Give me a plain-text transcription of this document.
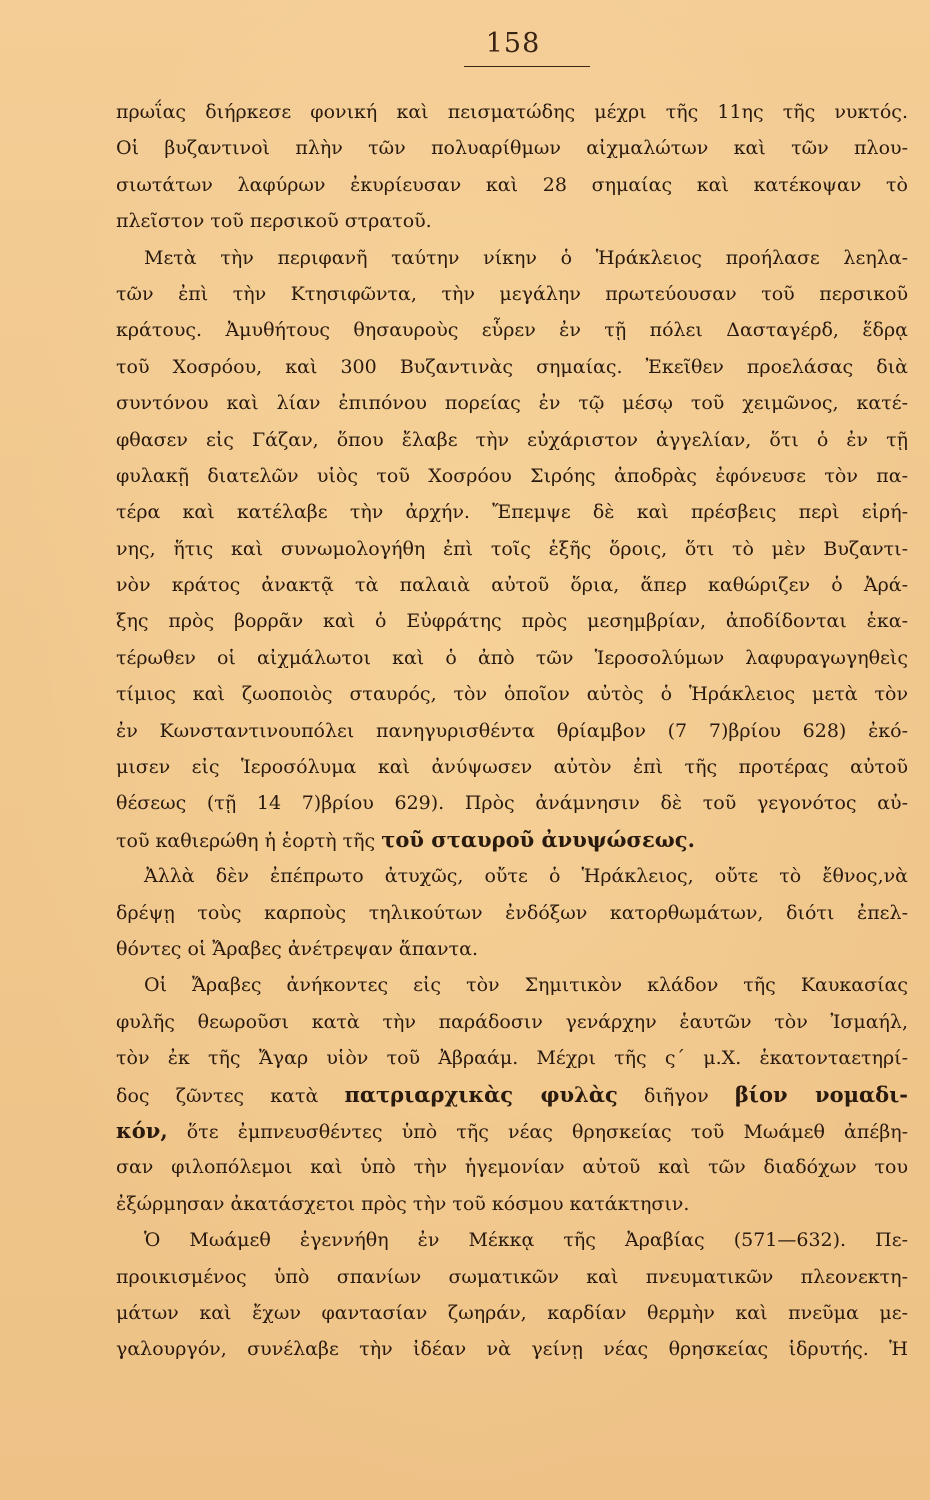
158
πρωΐας διήρκεσε φονική καὶ πεισματώδης μέχρι τῆς 11ης τῆς νυκτός.
Οἱ βυζαντινοὶ πλὴν τῶν πολυαρίθμων αἰχμαλώτων καὶ τῶν πλου-
σιωτάτων λαφύρων ἐκυρίευσαν καὶ 28 σημαίας καὶ κατέκοψαν τὸ
πλεῖστον τοῦ περσικοῦ στρατοῦ.
Μετὰ τὴν περιφανῆ ταύτην νίκην ὁ Ἡράκλειος προήλασε λεηλα-
τῶν ἐπὶ τὴν Κτησιφῶντα, τὴν μεγάλην πρωτεύουσαν τοῦ περσικοῦ
κράτους. Ἀμυθήτους θησαυροὺς εὗρεν ἐν τῇ πόλει Δασταγέρδ, ἕδρᾳ
τοῦ Χοσρόου, καὶ 300 Βυζαντινὰς σημαίας. Ἐκεῖθεν προελάσας διὰ
συντόνου καὶ λίαν ἐπιπόνου πορείας ἐν τῷ μέσῳ τοῦ χειμῶνος, κατέ-
φθασεν εἰς Γάζαν, ὅπου ἔλαβε τὴν εὐχάριστον ἀγγελίαν, ὅτι ὁ ἐν τῇ
φυλακῇ διατελῶν υἱὸς τοῦ Χοσρόου Σιρόης ἀποδρὰς ἐφόνευσε τὸν πα-
τέρα καὶ κατέλαβε τὴν ἀρχήν. Ἔπεμψε δὲ καὶ πρέσβεις περὶ εἰρή-
νης, ἥτις καὶ συνωμολογήθη ἐπὶ τοῖς ἑξῆς ὅροις, ὅτι τὸ μὲν Βυζαντι-
νὸν κράτος ἀνακτᾷ τὰ παλαιὰ αὐτοῦ ὅρια, ἅπερ καθώριζεν ὁ Ἀρά-
ξης πρὸς βορρᾶν καὶ ὁ Εὐφράτης πρὸς μεσημβρίαν, ἀποδίδονται ἑκα-
τέρωθεν οἱ αἰχμάλωτοι καὶ ὁ ἀπὸ τῶν Ἱεροσολύμων λαφυραγωγηθεὶς
τίμιος καὶ ζωοποιὸς σταυρός, τὸν ὁποῖον αὐτὸς ὁ Ἡράκλειος μετὰ τὸν
ἐν Κωνσταντινουπόλει πανηγυρισθέντα θρίαμβον (7 7)βρίου 628) ἐκό-
μισεν εἰς Ἱεροσόλυμα καὶ ἀνύψωσεν αὐτὸν ἐπὶ τῆς προτέρας αὐτοῦ
θέσεως (τῇ 14 7)βρίου 629). Πρὸς ἀνάμνησιν δὲ τοῦ γεγονότος αὐ-
τοῦ καθιερώθη ἡ ἑορτὴ τῆς τοῦ σταυροῦ ἀνυψώσεως.
Ἀλλὰ δὲν ἐπέπρωτο ἀτυχῶς, οὔτε ὁ Ἡράκλειος, οὔτε τὸ ἔθνος,νὰ
δρέψῃ τοὺς καρποὺς τηλικούτων ἐνδόξων κατορθωμάτων, διότι ἐπελ-
θόντες οἱ Ἄραβες ἀνέτρεψαν ἅπαντα.
Οἱ Ἄραβες ἀνήκοντες εἰς τὸν Σημιτικὸν κλάδον τῆς Καυκασίας
φυλῆς θεωροῦσι κατὰ τὴν παράδοσιν γενάρχην ἑαυτῶν τὸν Ἰσμαήλ,
τὸν ἐκ τῆς Ἄγαρ υἱὸν τοῦ Ἀβραάμ. Μέχρι τῆς ς΄ μ.Χ. ἑκατονταετηρί-
δος ζῶντες κατὰ πατριαρχικὰς φυλὰς διῆγον βίον νομαδι-
κόν, ὅτε ἐμπνευσθέντες ὑπὸ τῆς νέας θρησκείας τοῦ Μωάμεθ ἀπέβη-
σαν φιλοπόλεμοι καὶ ὑπὸ τὴν ἡγεμονίαν αὐτοῦ καὶ τῶν διαδόχων του
ἐξώρμησαν ἀκατάσχετοι πρὸς τὴν τοῦ κόσμου κατάκτησιν.
Ὁ Μωάμεθ ἐγεννήθη ἐν Μέκκᾳ τῆς Ἀραβίας (571—632). Πε-
προικισμένος ὑπὸ σπανίων σωματικῶν καὶ πνευματικῶν πλεονεκτη-
μάτων καὶ ἔχων φαντασίαν ζωηράν, καρδίαν θερμὴν καὶ πνεῦμα με-
γαλουργόν, συνέλαβε τὴν ἰδέαν νὰ γείνῃ νέας θρησκείας ἱδρυτής. Ἡ
